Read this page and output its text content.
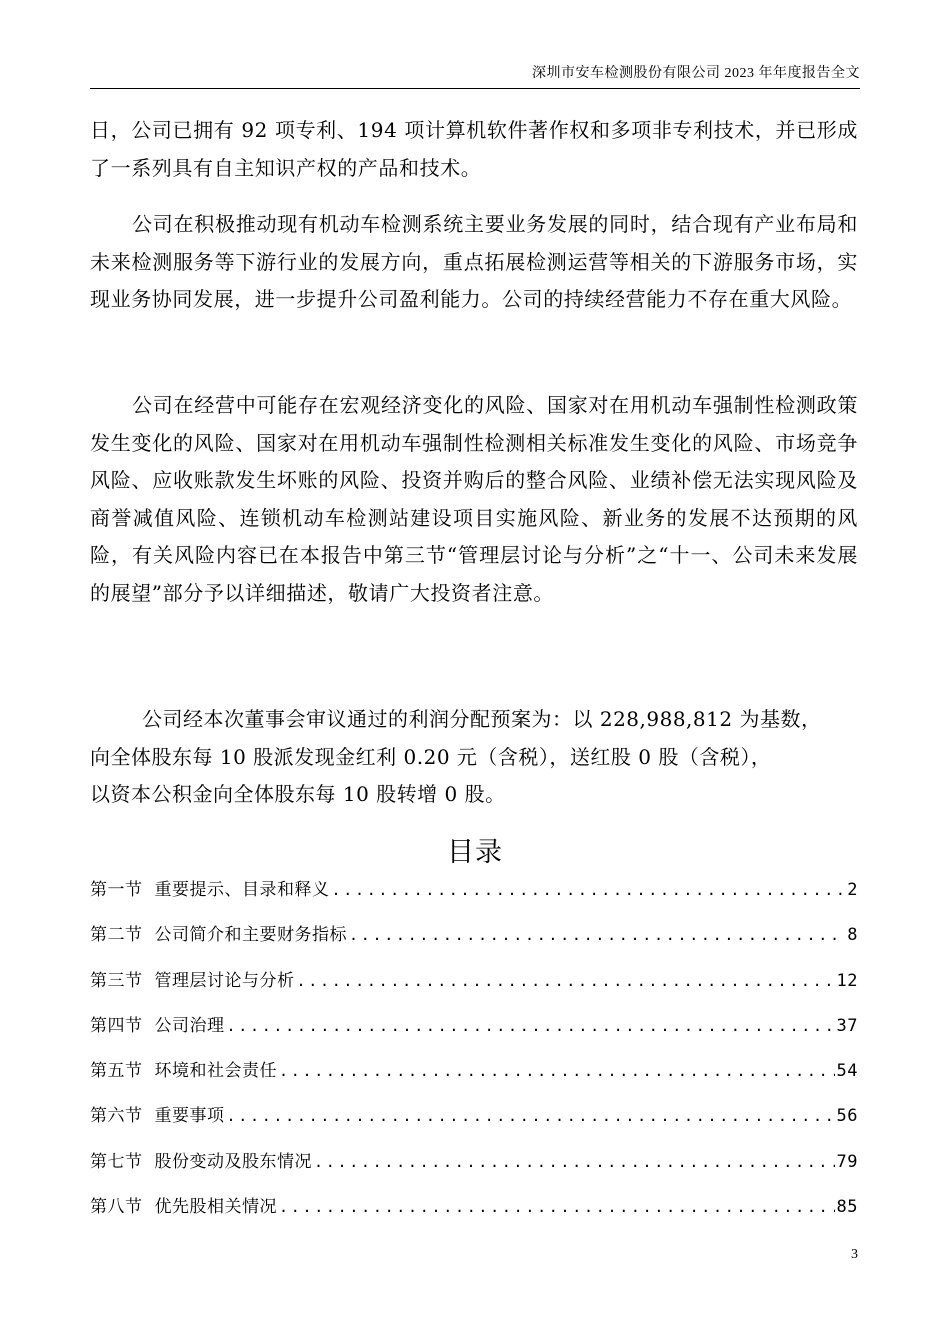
深圳市安车检测股份有限公司 2023 年年度报告全文
日，公司已拥有 92 项专利、194 项计算机软件著作权和多项非专利技术，并已形成了一系列具有自主知识产权的产品和技术。
公司在积极推动现有机动车检测系统主要业务发展的同时，结合现有产业布局和未来检测服务等下游行业的发展方向，重点拓展检测运营等相关的下游服务市场，实现业务协同发展，进一步提升公司盈利能力。公司的持续经营能力不存在重大风险。
公司在经营中可能存在宏观经济变化的风险、国家对在用机动车强制性检测政策发生变化的风险、国家对在用机动车强制性检测相关标准发生变化的风险、市场竞争风险、应收账款发生坏账的风险、投资并购后的整合风险、业绩补偿无法实现风险及商誉减值风险、连锁机动车检测站建设项目实施风险、新业务的发展不达预期的风险，有关风险内容已在本报告中第三节“管理层讨论与分析”之“十一、公司未来发展的展望”部分予以详细描述，敬请广大投资者注意。
公司经本次董事会审议通过的利润分配预案为：以 228,988,812 为基数，
向全体股东每 10 股派发现金红利 0.20 元（含税），送红股 0 股（含税），
以资本公积金向全体股东每 10 股转增 0 股。
目录
第一节 重要提示、目录和释义 .....	2
第二节 公司简介和主要财务指标 .....	8
第三节 管理层讨论与分析 .....	12
第四节 公司治理 .....	37
第五节 环境和社会责任 .....	54
第六节 重要事项 .....	56
第七节 股份变动及股东情况 .....	79
第八节 优先股相关情况 .....	85
3
